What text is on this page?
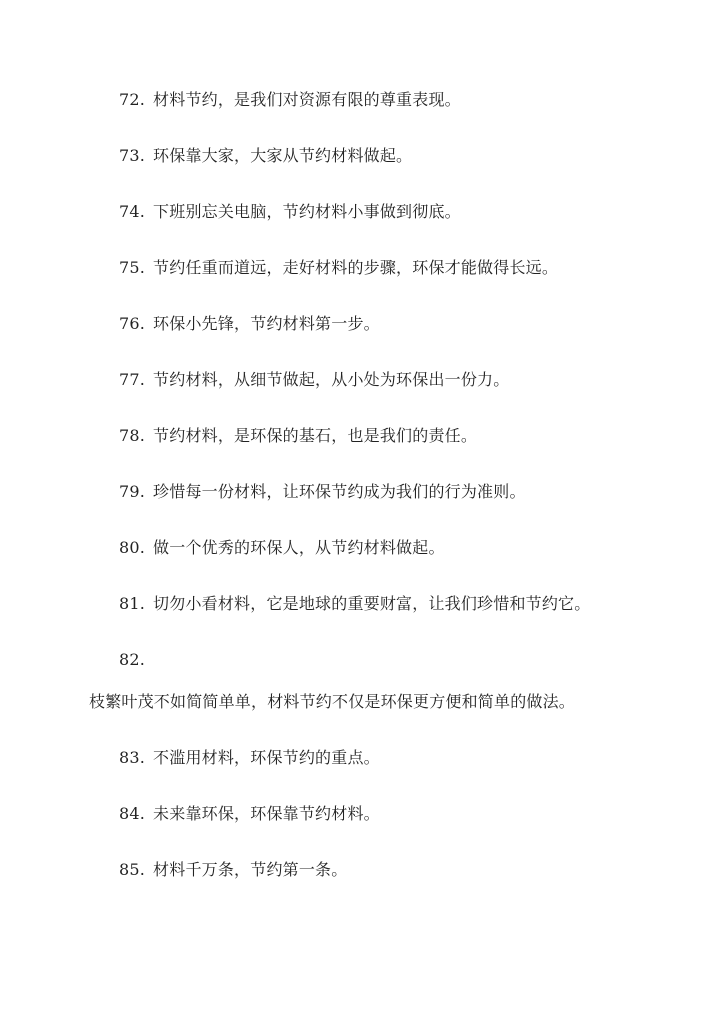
72. 材料节约，是我们对资源有限的尊重表现。
73. 环保靠大家，大家从节约材料做起。
74. 下班别忘关电脑，节约材料小事做到彻底。
75. 节约任重而道远，走好材料的步骤，环保才能做得长远。
76. 环保小先锋，节约材料第一步。
77. 节约材料，从细节做起，从小处为环保出一份力。
78. 节约材料，是环保的基石，也是我们的责任。
79. 珍惜每一份材料，让环保节约成为我们的行为准则。
80. 做一个优秀的环保人，从节约材料做起。
81. 切勿小看材料，它是地球的重要财富，让我们珍惜和节约它。
82.
枝繁叶茂不如简简单单，材料节约不仅是环保更方便和简单的做法。
83. 不滥用材料，环保节约的重点。
84. 未来靠环保，环保靠节约材料。
85. 材料千万条，节约第一条。
